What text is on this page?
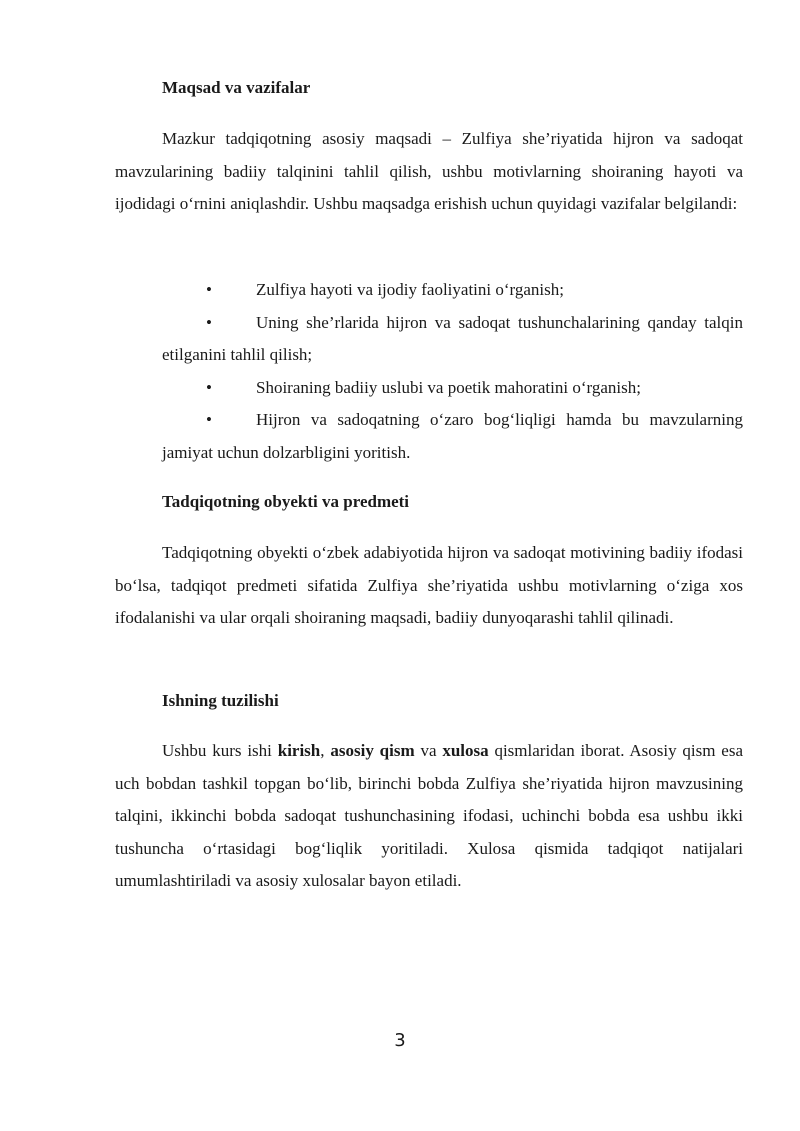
Maqsad va vazifalar

Mazkur tadqiqotning asosiy maqsadi – Zulfiya she’riyatida hijron va sadoqat mavzularining badiiy talqinini tahlil qilish, ushbu motivlarning shoiraning hayoti va ijodidagi o‘rnini aniqlashdir. Ushbu maqsadga erishish uchun quyidagi vazifalar belgilandi:

•	Zulfiya hayoti va ijodiy faoliyatini o‘rganish;
•	Uning she’rlarida hijron va sadoqat tushunchalarining qanday talqin etilganini tahlil qilish;
•	Shoiraning badiiy uslubi va poetik mahoratini o‘rganish;
•	Hijron va sadoqatning o‘zaro bog‘liqligi hamda bu mavzularning jamiyat uchun dolzarbligini yoritish.
Tadqiqotning obyekti va predmeti

Tadqiqotning obyekti o‘zbek adabiyotida hijron va sadoqat motivining badiiy ifodasi bo‘lsa, tadqiqot predmeti sifatida Zulfiya she’riyatida ushbu motivlarning o‘ziga xos ifodalanishi va ular orqali shoiraning maqsadi, badiiy dunyoqarashi tahlil qilinadi.

Ishning tuzilishi

Ushbu kurs ishi kirish, asosiy qism va xulosa qismlaridan iborat. Asosiy qism esa uch bobdan tashkil topgan bo‘lib, birinchi bobda Zulfiya she’riyatida hijron mavzusining talqini, ikkinchi bobda sadoqat tushunchasining ifodasi, uchinchi bobda esa ushbu ikki tushuncha o‘rtasidagi bog‘liqlik yoritiladi. Xulosa qismida tadqiqot natijalari umumlashtiriladi va asosiy xulosalar bayon etiladi.

3
